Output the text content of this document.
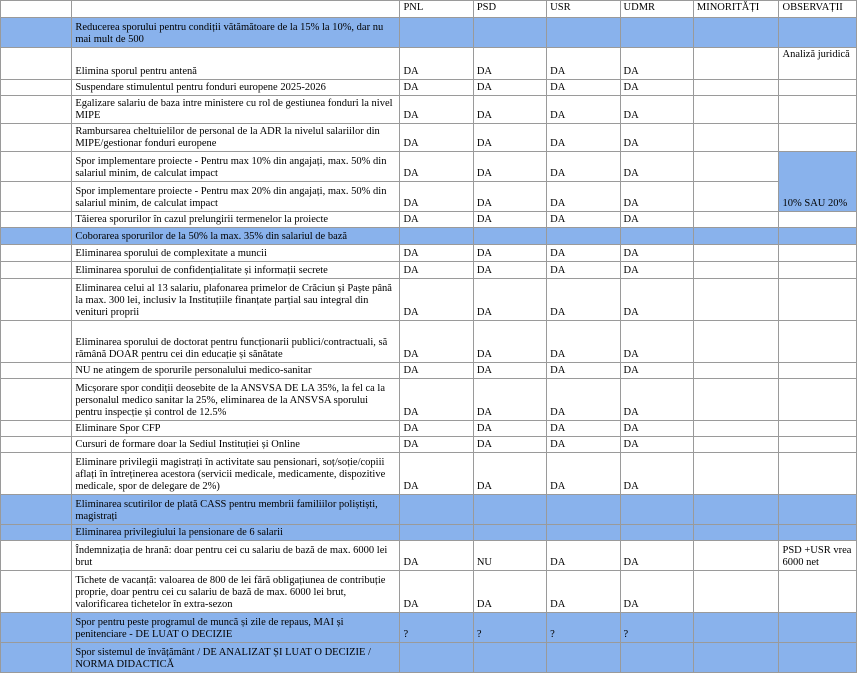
		PNL	PSD	USR	UDMR	MINORITĂȚI	OBSERVAȚII
	Reducerea sporului pentru condiții vătămătoare de la 15% la 10%, dar nu mai mult de 500						
	Elimina sporul pentru antenă	DA	DA	DA	DA		Analiză juridică
	Suspendare stimulentul pentru fonduri europene 2025-2026	DA	DA	DA	DA		
	Egalizare salariu de baza intre ministere cu rol de gestiunea fonduri la nivel MIPE	DA	DA	DA	DA		
	Rambursarea cheltuielilor de personal de la ADR la nivelul salariilor din MIPE/gestionar fonduri europene	DA	DA	DA	DA		
	Spor implementare proiecte - Pentru max 10% din angajați, max. 50% din salariul minim, de calculat impact	DA	DA	DA	DA		10% SAU 20%
	Spor implementare proiecte - Pentru max 20% din angajați, max. 50% din salariul minim, de calculat impact	DA	DA	DA	DA		
	Tăierea sporurilor în cazul prelungirii termenelor la proiecte	DA	DA	DA	DA		
	Coborarea sporurilor de la 50% la max. 35% din salariul de bază						
	Eliminarea sporului de complexitate a muncii	DA	DA	DA	DA		
	Eliminarea sporului de confidențialitate și informații secrete	DA	DA	DA	DA		
	Eliminarea celui al 13 salariu, plafonarea primelor de Crăciun și Paște până la max. 300 lei, inclusiv la Instituțiile finanțate parțial sau integral din venituri proprii	DA	DA	DA	DA		
	Eliminarea sporului de doctorat pentru funcționarii publici/contractuali, să rămână DOAR pentru cei din educație și sănătate	DA	DA	DA	DA		
	NU ne atingem de sporurile personalului medico-sanitar	DA	DA	DA	DA		
	Micșorare spor condiții deosebite de la ANSVSA DE LA 35%, la fel ca la personalul medico sanitar la 25%, eliminarea de la ANSVSA sporului pentru inspecție și control de 12.5%	DA	DA	DA	DA		
	Eliminare Spor CFP	DA	DA	DA	DA		
	Cursuri de formare doar la Sediul Instituției și Online	DA	DA	DA	DA		
	Eliminare privilegii magistrați în activitate sau pensionari, soț/soție/copiii aflați în întreținerea acestora (servicii medicale, medicamente, dispozitive medicale, spor de delegare de 2%)	DA	DA	DA	DA		
	Eliminarea scutirilor de plată CASS pentru membrii familiilor poliștiști, magistrați						
	Eliminarea privilegiului la pensionare de 6 salarii						
	Îndemnizația de hrană: doar pentru cei cu salariu de bază de max. 6000 lei brut	DA	NU	DA	DA		PSD +USR vrea 6000 net
	Tichete de vacanță: valoarea de 800 de lei fără obligațiunea de contribuție proprie, doar pentru cei cu salariu de bază de max. 6000 lei brut, valorificarea tichetelor în extra-sezon	DA	DA	DA	DA		
	Spor pentru peste programul de muncă și zile de repaus, MAI și penitenciare - DE LUAT O DECIZIE	?	?	?	?		
	Spor sistemul de învățământ / DE ANALIZAT ȘI LUAT O DECIZIE / NORMA DIDACTICĂ						
